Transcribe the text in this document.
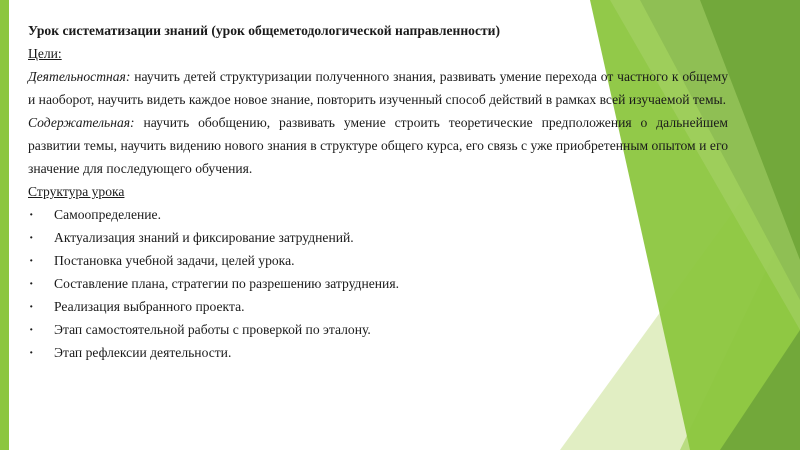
Урок систематизации знаний (урок общеметодологической направленности)
Цели:
Деятельностная: научить детей структуризации полученного знания, развивать умение перехода от частного к общему и наоборот, научить видеть каждое новое знание, повторить изученный способ действий в рамках всей изучаемой темы.
Содержательная: научить обобщению, развивать умение строить теоретические предположения о дальнейшем развитии темы, научить видению нового знания в структуре общего курса, его связь с уже приобретенным опытом и его значение для последующего обучения.
Структура урока
· Самоопределение.
· Актуализация знаний и фиксирование затруднений.
· Постановка учебной задачи, целей урока.
· Составление плана, стратегии по разрешению затруднения.
· Реализация выбранного проекта.
· Этап самостоятельной работы с проверкой по эталону.
· Этап рефлексии деятельности.
